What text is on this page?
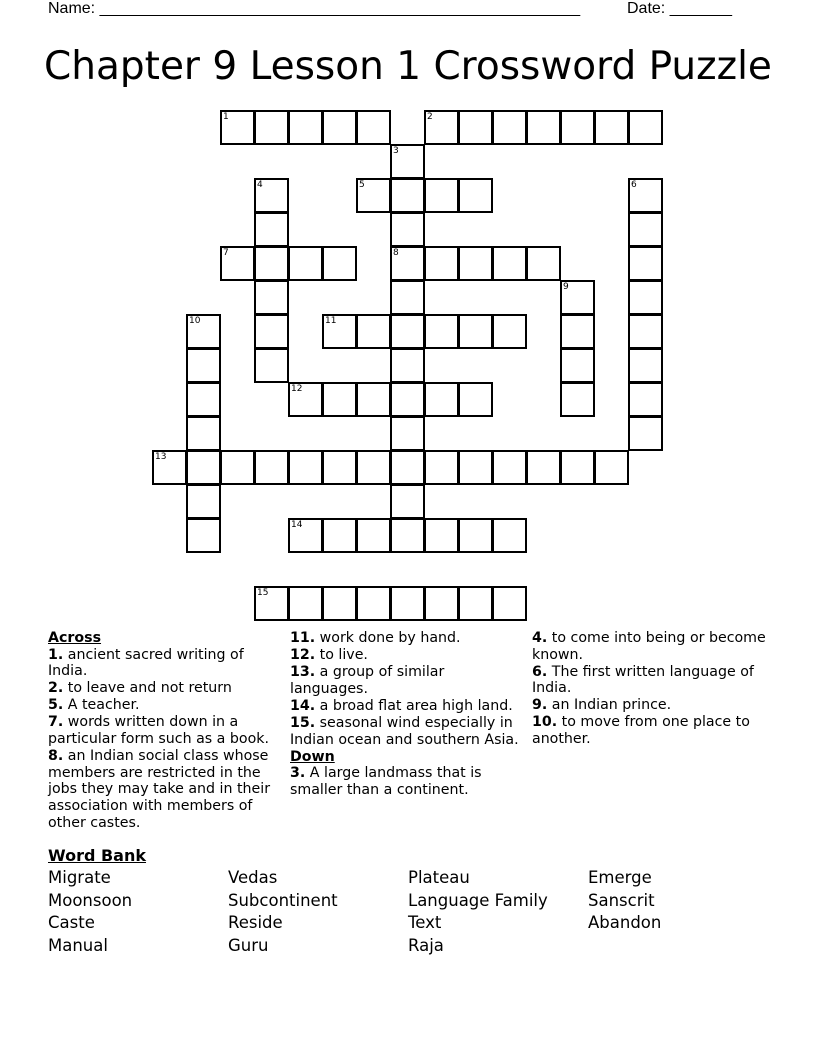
Name: ______________________________________________________	Date: _______
Chapter 9 Lesson 1 Crossword Puzzle
1	2
3
8
4	5	6
7
9
10	11
12
13
14
15
Across
1. ancient sacred writing of India.
2. to leave and not return
5. A teacher.
7. words written down in a particular form such as a book.
8. an Indian social class whose members are restricted in the jobs they may take and in their association with members of other castes.
11. work done by hand.
12. to live.
13. a group of similar languages.
14. a broad flat area high land.
15. seasonal wind especially in Indian ocean and southern Asia.
Down
3. A large landmass that is smaller than a continent.
4. to come into being or become known.
6. The first written language of India.
9. an Indian prince.
10. to move from one place to another.
Word Bank
Migrate
Moonsoon
Caste
Manual
Vedas
Subcontinent
Reside
Guru
Plateau
Language Family
Text
Raja
Emerge
Sanscrit
Abandon
